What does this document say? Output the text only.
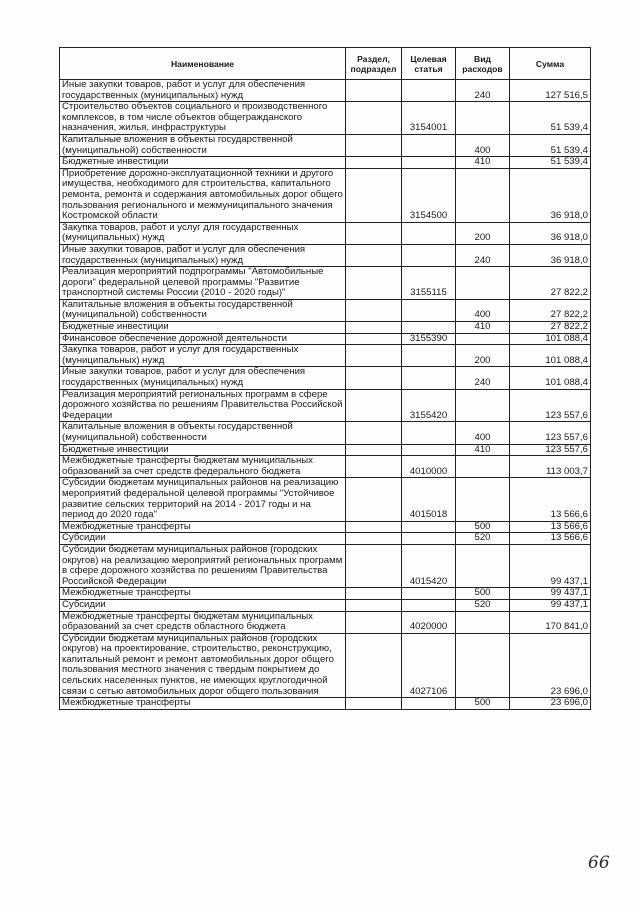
Наименование	Раздел, подраздел	Целевая статья	Вид расходов	Сумма
Иные закупки товаров, работ и услуг для обеспечения государственных (муниципальных) нужд			240	127 516,5
Строительство объектов социального и производственного комплексов, в том числе объектов общегражданского назначения, жилья, инфраструктуры		3154001		51 539,4
Капитальные вложения в объекты государственной (муниципальной) собственности			400	51 539,4
Бюджетные инвестиции			410	51 539,4
Приобретение дорожно-эксплуатационной техники и другого имущества, необходимого для строительства, капитального ремонта, ремонта и содержания автомобильных дорог общего пользования регионального и межмуниципального значения Костромской области		3154500		36 918,0
Закупка товаров, работ и услуг для государственных (муниципальных) нужд			200	36 918,0
Иные закупки товаров, работ и услуг для обеспечения государственных (муниципальных) нужд			240	36 918,0
Реализация мероприятий подпрограммы "Автомобильные дороги" федеральной целевой программы "Развитие транспортной системы России (2010 - 2020 годы)"		3155115		27 822,2
Капитальные вложения в объекты государственной (муниципальной) собственности			400	27 822,2
Бюджетные инвестиции			410	27 822,2
Финансовое обеспечение дорожной деятельности		3155390		101 088,4
Закупка товаров, работ и услуг для государственных (муниципальных) нужд			200	101 088,4
Иные закупки товаров, работ и услуг для обеспечения государственных (муниципальных) нужд			240	101 088,4
Реализация мероприятий региональных программ в сфере дорожного хозяйства по решениям Правительства Российской Федерации		3155420		123 557,6
Капитальные вложения в объекты государственной (муниципальной) собственности			400	123 557,6
Бюджетные инвестиции			410	123 557,6
Межбюджетные трансферты бюджетам муниципальных образований за счет средств федерального бюджета		4010000		113 003,7
Субсидии бюджетам муниципальных районов на реализацию мероприятий федеральной целевой программы "Устойчивое развитие сельских территорий на 2014 - 2017 годы и на период до 2020 года"		4015018		13 566,6
Межбюджетные трансферты			500	13 566,6
Субсидии			520	13 566,6
Субсидии бюджетам муниципальных районов (городских округов) на реализацию мероприятий региональных программ в сфере дорожного хозяйства по решениям Правительства Российской Федерации		4015420		99 437,1
Межбюджетные трансферты			500	99 437,1
Субсидии			520	99 437,1
Межбюджетные трансферты бюджетам муниципальных образований за счет средств областного бюджета		4020000		170 841,0
Субсидии бюджетам муниципальных районов (городских округов) на проектирование, строительство, реконструкцию, капитальный ремонт и ремонт автомобильных дорог общего пользования местного значения с твердым покрытием до сельских населенных пунктов, не имеющих круглогодичной связи с сетью автомобильных дорог общего пользования		4027106		23 696,0
Межбюджетные трансферты			500	23 696,0
66
